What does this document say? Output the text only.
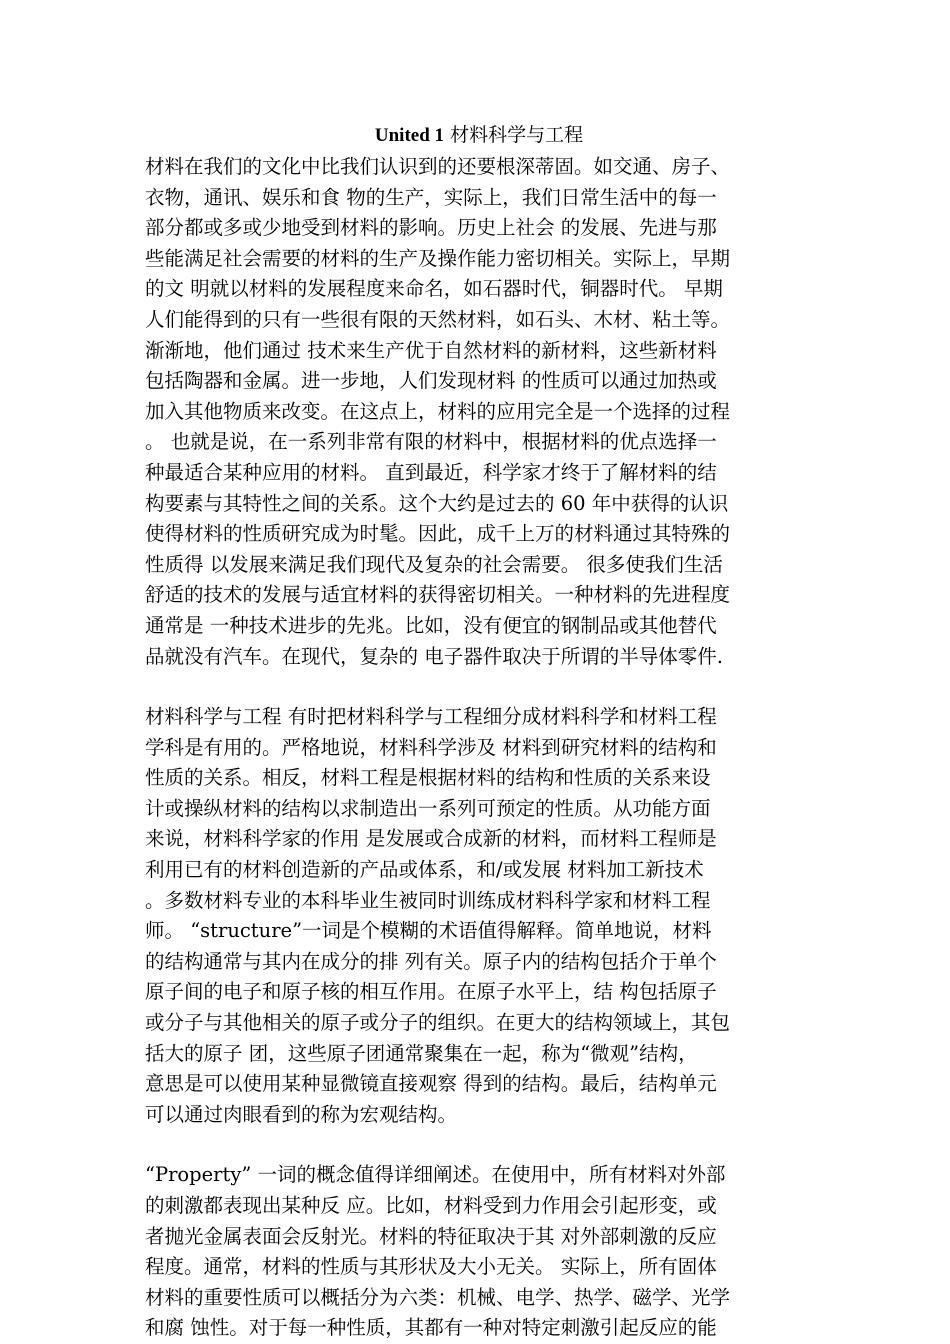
United 1 材料科学与工程
材料在我们的文化中比我们认识到的还要根深蒂固。如交通、房子、
衣物，通讯、娱乐和食 物的生产，实际上，我们日常生活中的每一
部分都或多或少地受到材料的影响。历史上社会 的发展、先进与那
些能满足社会需要的材料的生产及操作能力密切相关。实际上，早期
的文 明就以材料的发展程度来命名，如石器时代，铜器时代。 早期
人们能得到的只有一些很有限的天然材料，如石头、木材、粘土等。
渐渐地，他们通过 技术来生产优于自然材料的新材料，这些新材料
包括陶器和金属。进一步地，人们发现材料 的性质可以通过加热或
加入其他物质来改变。在这点上，材料的应用完全是一个选择的过程
。 也就是说，在一系列非常有限的材料中，根据材料的优点选择一
种最适合某种应用的材料。 直到最近，科学家才终于了解材料的结
构要素与其特性之间的关系。这个大约是过去的 60 年中获得的认识
使得材料的性质研究成为时髦。因此，成千上万的材料通过其特殊的
性质得 以发展来满足我们现代及复杂的社会需要。 很多使我们生活
舒适的技术的发展与适宜材料的获得密切相关。一种材料的先进程度
通常是 一种技术进步的先兆。比如，没有便宜的钢制品或其他替代
品就没有汽车。在现代，复杂的 电子器件取决于所谓的半导体零件.
材料科学与工程 有时把材料科学与工程细分成材料科学和材料工程
学科是有用的。严格地说，材料科学涉及 材料到研究材料的结构和
性质的关系。相反，材料工程是根据材料的结构和性质的关系来设
计或操纵材料的结构以求制造出一系列可预定的性质。从功能方面
来说，材料科学家的作用 是发展或合成新的材料，而材料工程师是
利用已有的材料创造新的产品或体系，和/或发展 材料加工新技术
。多数材料专业的本科毕业生被同时训练成材料科学家和材料工程
师。 “structure”一词是个模糊的术语值得解释。简单地说，材料
的结构通常与其内在成分的排 列有关。原子内的结构包括介于单个
原子间的电子和原子核的相互作用。在原子水平上，结 构包括原子
或分子与其他相关的原子或分子的组织。在更大的结构领域上，其包
括大的原子 团，这些原子团通常聚集在一起，称为“微观”结构，
意思是可以使用某种显微镜直接观察 得到的结构。最后，结构单元
可以通过肉眼看到的称为宏观结构。
“Property” 一词的概念值得详细阐述。在使用中，所有材料对外部
的刺激都表现出某种反 应。比如，材料受到力作用会引起形变，或
者抛光金属表面会反射光。材料的特征取决于其 对外部刺激的反应
程度。通常，材料的性质与其形状及大小无关。 实际上，所有固体
材料的重要性质可以概括分为六类：机械、电学、热学、磁学、光学
和腐 蚀性。对于每一种性质，其都有一种对特定刺激引起反应的能
